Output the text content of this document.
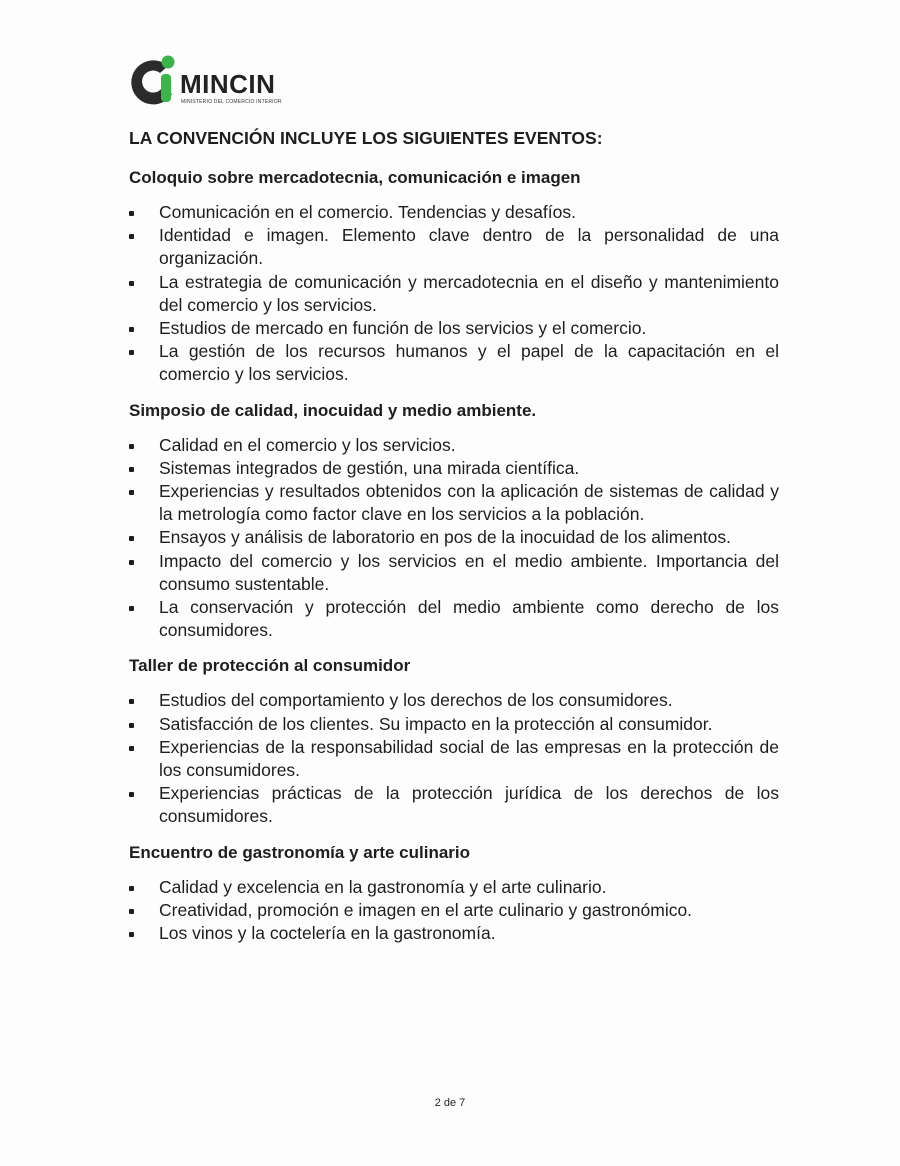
MINCIN
MINISTERIO DEL COMERCIO INTERIOR
LA CONVENCIÓN INCLUYE LOS SIGUIENTES EVENTOS:
Coloquio sobre mercadotecnia, comunicación e imagen
Comunicación en el comercio. Tendencias y desafíos.
Identidad e imagen. Elemento clave dentro de la personalidad de una organización.
La estrategia de comunicación y mercadotecnia en el diseño y mantenimiento del comercio y los servicios.
Estudios de mercado en función de los servicios y el comercio.
La gestión de los recursos humanos y el papel de la capacitación en el comercio y los servicios.
Simposio de calidad, inocuidad y medio ambiente.
Calidad en el comercio y los servicios.
Sistemas integrados de gestión, una mirada científica.
Experiencias y resultados obtenidos con la aplicación de sistemas de calidad y la metrología como factor clave en los servicios a la población.
Ensayos y análisis de laboratorio en pos de la inocuidad de los alimentos.
Impacto del comercio y los servicios en el medio ambiente. Importancia del consumo sustentable.
La conservación y protección del medio ambiente como derecho de los consumidores.
Taller de protección al consumidor
Estudios del comportamiento y los derechos de los consumidores.
Satisfacción de los clientes. Su impacto en la protección al consumidor.
Experiencias de la responsabilidad social de las empresas en la protección de los consumidores.
Experiencias prácticas de la protección jurídica de los derechos de los consumidores.
Encuentro de gastronomía y arte culinario
Calidad y excelencia en la gastronomía y el arte culinario.
Creatividad, promoción e imagen en el arte culinario y gastronómico.
Los vinos y la coctelería en la gastronomía.
2 de 7
